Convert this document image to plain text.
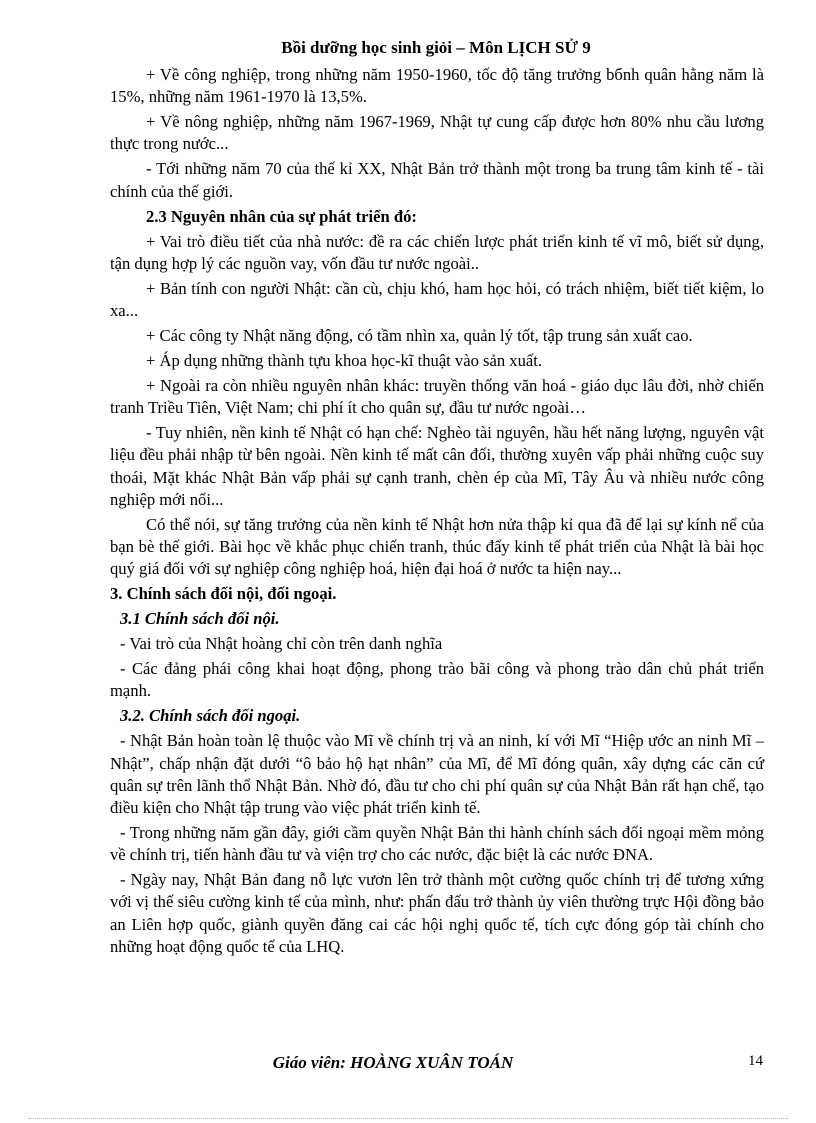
Bồi dưỡng học sinh giỏi – Môn LỊCH SỬ 9

+ Về công nghiệp, trong những năm 1950-1960, tốc độ tăng trưởng bбnh quân hằng năm là 15%, những năm 1961-1970 là 13,5%.

+ Về nông nghiệp, những năm 1967-1969, Nhật tự cung cấp được hơn 80% nhu cầu lương thực trong nước...

- Tới những năm 70 của thế kỉ XX, Nhật Bản trở thành một trong ba trung tâm kinh tế - tài chính của thế giới.

2.3 Nguyên nhân của sự phát triển đó:

+ Vai trò điều tiết của nhà nước: đề ra các chiến lược phát triển kinh tế vĩ mô, biết sử dụng, tận dụng hợp lý các nguồn vay, vốn đầu tư nước ngoài..

+ Bản tính con người Nhật: cần cù, chịu khó, ham học hỏi, có trách nhiệm, biết tiết kiệm, lo xa...

+ Các công ty Nhật năng động, có tầm nhìn xa, quản lý tốt, tập trung sản xuất cao.

+ Áp dụng những thành tựu khoa học-kĩ thuật vào sản xuất.

+ Ngoài ra còn nhiều nguyên nhân khác: truyền thống văn hoá - giáo dục lâu đời, nhờ chiến tranh Triều Tiên, Việt Nam; chi phí ít cho quân sự, đầu tư nước ngoài…

- Tuy nhiên, nền kinh tế Nhật có hạn chế: Nghèo tài nguyên, hầu hết năng lượng, nguyên vật liệu đều phải nhập từ bên ngoài. Nền kinh tế mất cân đối, thường xuyên vấp phải những cuộc suy thoái, Mặt khác Nhật Bản vấp phải sự cạnh tranh, chèn ép của Mĩ, Tây Âu và nhiều nước công nghiệp mới nổi...

Có thể nói, sự tăng trưởng của nền kinh tế Nhật hơn nửa thập kỉ qua đã để lại sự kính nể của bạn bè thế giới. Bài học về khắc phục chiến tranh, thúc đẩy kinh tế phát triển của Nhật là bài học quý giá đối với sự nghiệp công nghiệp hoá, hiện đại hoá ở nước ta hiện nay...

3. Chính sách đối nội, đối ngoại.

3.1 Chính sách đối nội.

- Vai trò của Nhật hoàng chỉ còn trên danh nghĩa

- Các đảng phái công khai hoạt động, phong trào bãi công và phong trào dân chủ phát triển mạnh.

3.2. Chính sách đối ngoại.

- Nhật Bản hoàn toàn lệ thuộc vào Mĩ về chính trị và an ninh, kí với Mĩ “Hiệp ước an ninh Mĩ – Nhật”, chấp nhận đặt dưới “ô bảo hộ hạt nhân” của Mĩ, để Mĩ đóng quân, xây dựng các căn cứ quân sự trên lãnh thổ Nhật Bản. Nhờ đó, đầu tư cho chi phí quân sự của Nhật Bản rất hạn chế, tạo điều kiện cho Nhật tập trung vào việc phát triển kinh tế.

- Trong những năm gần đây, giới cầm quyền Nhật Bản thi hành chính sách đối ngoại mềm mỏng về chính trị, tiến hành đầu tư và viện trợ cho các nước, đặc biệt là các nước ĐNA.

- Ngày nay, Nhật Bản đang nỗ lực vươn lên trở thành một cường quốc chính trị để tương xứng với vị thế siêu cường kinh tế của mình, như: phấn đấu trở thành ủy viên thường trực Hội đồng bảo an Liên hợp quốc, giành quyền đăng cai các hội nghị quốc tế, tích cực đóng góp tài chính cho những hoạt động quốc tế của LHQ.

Giáo viên: HOÀNG XUÂN TOÁN	14
